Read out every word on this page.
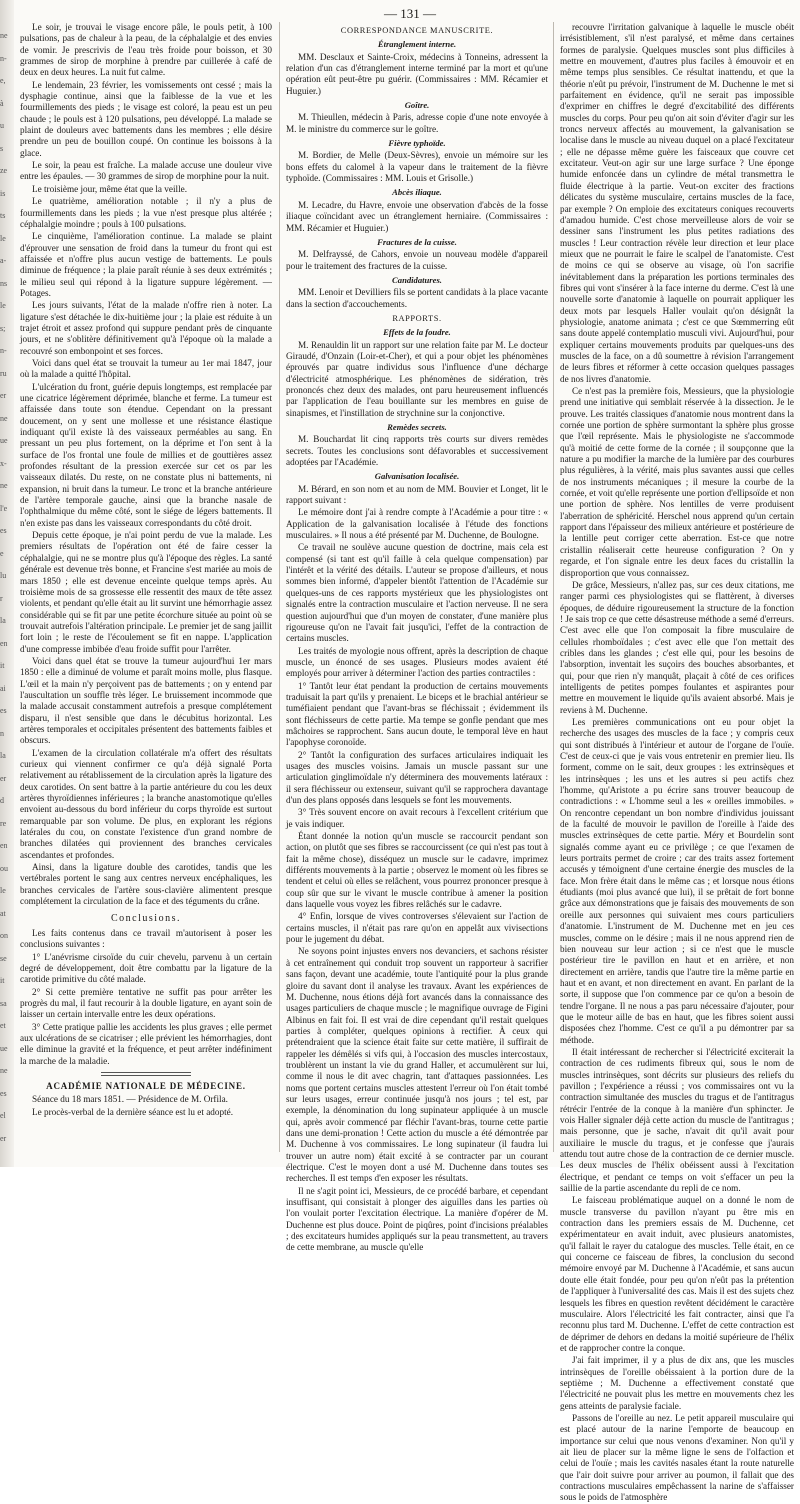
ne
n-
e,
à
u
s
ze
is
ts
le
a-
ns
le
s;
n-
ru
er
ne
ue
x-
ne
l'e
es
e
lu
r
la
en
it
ai
es
n
la
er
d
re
en
ou
le
at
on
se
it
sa
et
ue
ne
es
el
er
— 131 —

Le soir, je trouvai le visage encore pâle, le pouls petit, à 100 pulsations, pas de chaleur à la peau, de la céphalalgie et des envies de vomir. Je prescrivis de l'eau très froide pour boisson, et 30 grammes de sirop de morphine à prendre par cuillerée à café de deux en deux heures. La nuit fut calme.

Le lendemain, 23 février, les vomissements ont cessé ; mais la dysphagie continue, ainsi que la faiblesse de la vue et les fourmillements des pieds ; le visage est coloré, la peau est un peu chaude ; le pouls est à 120 pulsations, peu développé. La malade se plaint de douleurs avec battements dans les membres ; elle désire prendre un peu de bouillon coupé. On continue les boissons à la glace.

Le soir, la peau est fraîche. La malade accuse une douleur vive entre les épaules. — 30 grammes de sirop de morphine pour la nuit.

Le troisième jour, même état que la veille.

Le quatrième, amélioration notable ; il n'y a plus de fourmillements dans les pieds ; la vue n'est presque plus altérée ; céphalalgie moindre ; pouls à 100 pulsations.

Le cinquième, l'amélioration continue. La malade se plaint d'éprouver une sensation de froid dans la tumeur du front qui est affaissée et n'offre plus aucun vestige de battements. Le pouls diminue de fréquence ; la plaie paraît réunie à ses deux extrémités ; le milieu seul qui répond à la ligature suppure légèrement. — Potages.

Les jours suivants, l'état de la malade n'offre rien à noter. La ligature s'est détachée le dix-huitième jour ; la plaie est réduite à un trajet étroit et assez profond qui suppure pendant près de cinquante jours, et ne s'oblitère définitivement qu'à l'époque où la malade a recouvré son embonpoint et ses forces.

Voici dans quel état se trouvait la tumeur au 1er mai 1847, jour où la malade a quitté l'hôpital.

L'ulcération du front, guérie depuis longtemps, est remplacée par une cicatrice légèrement déprimée, blanche et ferme. La tumeur est affaissée dans toute son étendue. Cependant on la pressant doucement, on y sent une mollesse et une résistance élastique indiquant qu'il existe là des vaisseaux perméables au sang. En pressant un peu plus fortement, on la déprime et l'on sent à la surface de l'os frontal une foule de millies et de gouttières assez profondes résultant de la pression exercée sur cet os par les vaisseaux dilatés. Du reste, on ne constate plus ni battements, ni expansion, ni bruit dans la tumeur. Le tronc et la branche antérieure de l'artère temporale gauche, ainsi que la branche nasale de l'ophthalmique du même côté, sont le siége de légers battements. Il n'en existe pas dans les vaisseaux correspondants du côté droit.

Depuis cette époque, je n'ai point perdu de vue la malade. Les premiers résultats de l'opération ont été de faire cesser la céphalalgie, qui ne se montre plus qu'à l'époque des règles. La santé générale est devenue très bonne, et Francine s'est mariée au mois de mars 1850 ; elle est devenue enceinte quelque temps après. Au troisième mois de sa grossesse elle ressentit des maux de tête assez violents, et pendant qu'elle était au lit survint une hémorrhagie assez considérable qui se fit par une petite écorchure située au point où se trouvait autrefois l'altération principale. Le premier jet de sang jaillit fort loin ; le reste de l'écoulement se fit en nappe. L'application d'une compresse imbibée d'eau froide suffit pour l'arrêter.

Voici dans quel état se trouve la tumeur aujourd'hui 1er mars 1850 : elle a diminué de volume et paraît moins molle, plus flasque. L'œil et la main n'y perçoivent pas de battements ; on y entend par l'auscultation un souffle très léger. Le bruissement incommode que la malade accusait constamment autrefois a presque complétement disparu, il n'est sensible que dans le décubitus horizontal. Les artères temporales et occipitales présentent des battements faibles et obscurs.

L'examen de la circulation collatérale m'a offert des résultats curieux qui viennent confirmer ce qu'a déjà signalé Porta relativement au rétablissement de la circulation après la ligature des deux carotides. On sent battre à la partie antérieure du cou les deux artères thyroïdiennes inférieures ; la branche anastomotique qu'elles envoient au-dessous du bord inférieur du corps thyroïde est surtout remarquable par son volume. De plus, en explorant les régions latérales du cou, on constate l'existence d'un grand nombre de branches dilatées qui proviennent des branches cervicales ascendantes et profondes.

Ainsi, dans la ligature double des carotides, tandis que les vertébrales portent le sang aux centres nerveux encéphaliques, les branches cervicales de l'artère sous-clavière alimentent presque complétement la circulation de la face et des téguments du crâne.

Conclusions.

Les faits contenus dans ce travail m'autorisent à poser les conclusions suivantes :

1° L'anévrisme cirsoïde du cuir chevelu, parvenu à un certain degré de développement, doit être combattu par la ligature de la carotide primitive du côté malade.

2° Si cette première tentative ne suffit pas pour arrêter les progrès du mal, il faut recourir à la double ligature, en ayant soin de laisser un certain intervalle entre les deux opérations.

3° Cette pratique pallie les accidents les plus graves ; elle permet aux ulcérations de se cicatriser ; elle prévient les hémorrhagies, dont elle diminue la gravité et la fréquence, et peut arrêter indéfiniment la marche de la maladie.

ACADÉMIE NATIONALE DE MÉDECINE.

Séance du 18 mars 1851. — Présidence de M. Orfila.

Le procès-verbal de la dernière séance est lu et adopté.

CORRESPONDANCE MANUSCRITE.
Étranglement interne.

MM. Desclaux et Sainte-Croix, médecins à Tonneins, adressent la relation d'un cas d'étranglement interne terminé par la mort et qu'une opération eût peut-être pu guérir. (Commissaires : MM. Récamier et Huguier.)

Goître.

M. Thieullen, médecin à Paris, adresse copie d'une note envoyée à M. le ministre du commerce sur le goître.

Fièvre typhoïde.

M. Bordier, de Melle (Deux-Sèvres), envoie un mémoire sur les bons effets du calomel à la vapeur dans le traitement de la fièvre typhoïde. (Commissaires : MM. Louis et Grisolle.)

Abcès iliaque.

M. Lecadre, du Havre, envoie une observation d'abcès de la fosse iliaque coïncidant avec un étranglement herniaire. (Commissaires : MM. Récamier et Huguier.)

Fractures de la cuisse.

M. Delfrayssé, de Cahors, envoie un nouveau modèle d'appareil pour le traitement des fractures de la cuisse.

Candidatures.

MM. Lenoir et Devilliers fils se portent candidats à la place vacante dans la section d'accouchements.

RAPPORTS.
Effets de la foudre.

M. Renauldin lit un rapport sur une relation faite par M. Le docteur Giraudé, d'Onzain (Loir-et-Cher), et qui a pour objet les phénomènes éprouvés par quatre individus sous l'influence d'une décharge d'électricité atmosphérique. Les phénomènes de sidération, très prononcés chez deux des malades, ont paru heureusement influencés par l'application de l'eau bouillante sur les membres en guise de sinapismes, et l'instillation de strychnine sur la conjonctive.

Remèdes secrets.

M. Bouchardat lit cinq rapports très courts sur divers remèdes secrets. Toutes les conclusions sont défavorables et successivement adoptées par l'Académie.

Galvanisation localisée.

M. Bérard, en son nom et au nom de MM. Bouvier et Longet, lit le rapport suivant :

Le mémoire dont j'ai à rendre compte à l'Académie a pour titre : « Application de la galvanisation localisée à l'étude des fonctions musculaires. » Il nous a été présenté par M. Duchenne, de Boulogne.

Ce travail ne soulève aucune question de doctrine, mais cela est compensé (si tant est qu'il faille à cela quelque compensation) par l'intérêt et la vérité des détails. L'auteur se propose d'ailleurs, et nous sommes bien informé, d'appeler bientôt l'attention de l'Académie sur quelques-uns de ces rapports mystérieux que les physiologistes ont signalés entre la contraction musculaire et l'action nerveuse. Il ne sera question aujourd'hui que d'un moyen de constater, d'une manière plus rigoureuse qu'on ne l'avait fait jusqu'ici, l'effet de la contraction de certains muscles.

Les traités de myologie nous offrent, après la description de chaque muscle, un énoncé de ses usages. Plusieurs modes avaient été employés pour arriver à déterminer l'action des parties contractiles :

1° Tantôt leur état pendant la production de certains mouvements traduisait la part qu'ils y prenaient. Le biceps et le brachial antérieur se tuméfiaient pendant que l'avant-bras se fléchissait ; évidemment ils sont fléchisseurs de cette partie. Ma tempe se gonfle pendant que mes mâchoires se rapprochent. Sans aucun doute, le temporal lève en haut l'apophyse coronoïde.

2° Tantôt la configuration des surfaces articulaires indiquait les usages des muscles voisins. Jamais un muscle passant sur une articulation ginglimoïdale n'y déterminera des mouvements latéraux : il sera fléchisseur ou extenseur, suivant qu'il se rapprochera davantage d'un des plans opposés dans lesquels se font les mouvements.

3° Très souvent encore on avait recours à l'excellent critérium que je vais indiquer.

Étant donnée la notion qu'un muscle se raccourcit pendant son action, on plutôt que ses fibres se raccourcissent (ce qui n'est pas tout à fait la même chose), disséquez un muscle sur le cadavre, imprimez différents mouvements à la partie ; observez le moment où les fibres se tendent et celui où elles se relâchent, vous pourrez prononcer presque à coup sûr que sur le vivant le muscle contribue à amener la position dans laquelle vous voyez les fibres relâchés sur le cadavre.

4° Enfin, lorsque de vives controverses s'élevaient sur l'action de certains muscles, il n'était pas rare qu'on en appelât aux vivisections pour le jugement du débat.

Ne soyons point injustes envers nos devanciers, et sachons résister à cet entraînement qui conduit trop souvent un rapporteur à sacrifier sans façon, devant une académie, toute l'antiquité pour la plus grande gloire du savant dont il analyse les travaux. Avant les expériences de M. Duchenne, nous étions déjà fort avancés dans la connaissance des usages particuliers de chaque muscle ; le magnifique ouvrage de Figini Albinus en fait foi. Il est vrai de dire cependant qu'il restait quelques parties à compléter, quelques opinions à rectifier. À ceux qui prétendraient que la science était faite sur cette matière, il suffirait de rappeler les démêlés si vifs qui, à l'occasion des muscles intercostaux, troublèrent un instant la vie du grand Haller, et accumulèrent sur lui, comme il nous le dit avec chagrin, tant d'attaques passionnées. Les noms que portent certains muscles attestent l'erreur où l'on était tombé sur leurs usages, erreur continuée jusqu'à nos jours ; tel est, par exemple, la dénomination du long supinateur appliquée à un muscle qui, après avoir commencé par fléchir l'avant-bras, tourne cette partie dans une demi-pronation ! Cette action du muscle a été démontrée par M. Duchenne à vos commissaires. Le long supinateur (il faudra lui trouver un autre nom) était excité à se contracter par un courant électrique. C'est le moyen dont a usé M. Duchenne dans toutes ses recherches. Il est temps d'en exposer les résultats.

Il ne s'agit point ici, Messieurs, de ce procédé barbare, et cependant insuffisant, qui consistait à plonger des aiguilles dans les parties où l'on voulait porter l'excitation électrique. La manière d'opérer de M. Duchenne est plus douce. Point de piqûres, point d'incisions préalables ; des excitateurs humides appliqués sur la peau transmettent, au travers de cette membrane, au muscle qu'elle

recouvre l'irritation galvanique à laquelle le muscle obéit irrésistiblement, s'il n'est paralysé, et même dans certaines formes de paralysie. Quelques muscles sont plus difficiles à mettre en mouvement, d'autres plus faciles à émouvoir et en même temps plus sensibles. Ce résultat inattendu, et que la théorie n'eût pu prévoir, l'instrument de M. Duchenne le met si parfaitement en évidence, qu'il ne serait pas impossible d'exprimer en chiffres le degré d'excitabilité des différents muscles du corps. Pour peu qu'on ait soin d'éviter d'agir sur les troncs nerveux affectés au mouvement, la galvanisation se localise dans le muscle au niveau duquel on a placé l'excitateur ; elle ne dépasse même guère les faisceaux que couvre cet excitateur. Veut-on agir sur une large surface ? Une éponge humide enfoncée dans un cylindre de métal transmettra le fluide électrique à la partie. Veut-on exciter des fractions délicates du système musculaire, certains muscles de la face, par exemple ? On emploie des excitateurs coniques recouverts d'amadou humide. C'est chose merveilleuse alors de voir se dessiner sans l'instrument les plus petites radiations des muscles ! Leur contraction révèle leur direction et leur place mieux que ne pourrait le faire le scalpel de l'anatomiste. C'est de moins ce qui se observe au visage, où l'on sacrifie inévitablement dans la préparation les portions terminales des fibres qui vont s'insérer à la face interne du derme. C'est là une nouvelle sorte d'anatomie à laquelle on pourrait appliquer les deux mots par lesquels Haller voulait qu'on désignât la physiologie, anatome animata ; c'est ce que Sœmmerring eût sans doute appelé contemplatio musculi vivi. Aujourd'hui, pour expliquer certains mouvements produits par quelques-uns des muscles de la face, on a dû soumettre à révision l'arrangement de leurs fibres et réformer à cette occasion quelques passages de nos livres d'anatomie.

Ce n'est pas la première fois, Messieurs, que la physiologie prend une initiative qui semblait réservée à la dissection. Je le prouve. Les traités classiques d'anatomie nous montrent dans la cornée une portion de sphère surmontant la sphère plus grosse que l'œil représente. Mais le physiologiste ne s'accommode qu'à moitié de cette forme de la cornée ; il soupçonne que la nature a pu modifier la marche de la lumière par des courbures plus régulières, à la vérité, mais plus savantes aussi que celles de nos instruments mécaniques ; il mesure la courbe de la cornée, et voit qu'elle représente une portion d'ellipsoïde et non une portion de sphère. Nos lentilles de verre produisent l'aberration de sphéricité. Herschel nous apprend qu'un certain rapport dans l'épaisseur des milieux antérieure et postérieure de la lentille peut corriger cette aberration. Est-ce que notre cristallin réaliserait cette heureuse configuration ? On y regarde, et l'on signale entre les deux faces du cristallin la disproportion que vous connaissez.

De grâce, Messieurs, n'allez pas, sur ces deux citations, me ranger parmi ces physiologistes qui se flattèrent, à diverses époques, de déduire rigoureusement la structure de la fonction ! Je sais trop ce que cette désastreuse méthode a semé d'erreurs. C'est avec elle que l'on composait la fibre musculaire de cellules rhomboïdales ; c'est avec elle que l'on mettait des cribles dans les glandes ; c'est elle qui, pour les besoins de l'absorption, inventait les suçoirs des bouches absorbantes, et qui, pour que rien n'y manquât, plaçait à côté de ces orifices intelligents de petites pompes foulantes et aspirantes pour mettre en mouvement le liquide qu'ils avaient absorbé. Mais je reviens à M. Duchenne.

Les premières communications ont eu pour objet la recherche des usages des muscles de la face ; y compris ceux qui sont distribués à l'intérieur et autour de l'organe de l'ouïe. C'est de ceux-ci que je vais vous entretenir en premier lieu. Ils forment, comme on le sait, deux groupes : les extrinsèques et les intrinsèques ; les uns et les autres si peu actifs chez l'homme, qu'Aristote a pu écrire sans trouver beaucoup de contradictions : « L'homme seul a les « oreilles immobiles. » On rencontre cependant un bon nombre d'individus jouissant de la faculté de mouvoir le pavillon de l'oreille à l'aide des muscles extrinsèques de cette partie. Méry et Bourdelin sont signalés comme ayant eu ce privilège ; ce que l'examen de leurs portraits permet de croire ; car des traits assez fortement accusés y témoignent d'une certaine énergie des muscles de la face. Mon frère était dans le même cas ; et lorsque nous étions étudiants (moi plus avancé que lui), il se prêtait de fort bonne grâce aux démonstrations que je faisais des mouvements de son oreille aux personnes qui suivaient mes cours particuliers d'anatomie. L'instrument de M. Duchenne met en jeu ces muscles, comme on le désire ; mais il ne nous apprend rien de bien nouveau sur leur action ; si ce n'est que le muscle postérieur tire le pavillon en haut et en arrière, et non directement en arrière, tandis que l'autre tire la même partie en haut et en avant, et non directement en avant. En parlant de la sorte, il suppose que l'on commence par ce qu'on a besoin de tendre l'organe. Il ne nous a pas paru nécessaire d'ajouter, pour que le moteur aille de bas en haut, que les fibres soient aussi disposées chez l'homme. C'est ce qu'il a pu démontrer par sa méthode.

Il était intéressant de rechercher si l'électricité exciterait la contraction de ces rudiments fibreux qui, sous le nom de muscles intrinsèques, sont décrits sur plusieurs des reliefs du pavillon ; l'expérience a réussi ; vos commissaires ont vu la contraction simultanée des muscles du tragus et de l'antitragus rétrécir l'entrée de la conque à la manière d'un sphincter. Je vois Haller signaler déjà cette action du muscle de l'antitragus ; mais personne, que je sache, n'avait dit qu'il avait pour auxiliaire le muscle du tragus, et je confesse que j'aurais attendu tout autre chose de la contraction de ce dernier muscle. Les deux muscles de l'hélix obéissent aussi à l'excitation électrique, et pendant ce temps on voit s'effacer un peu la saillie de la partie ascendante du repli de ce nom.

Le faisceau problématique auquel on a donné le nom de muscle transverse du pavillon n'ayant pu être mis en contraction dans les premiers essais de M. Duchenne, cet expérimentateur en avait induit, avec plusieurs anatomistes, qu'il fallait le rayer du catalogue des muscles. Telle était, en ce qui concerne ce faisceau de fibres, la conclusion du second mémoire envoyé par M. Duchenne à l'Académie, et sans aucun doute elle était fondée, pour peu qu'on n'eût pas la prétention de l'appliquer à l'universalité des cas. Mais il est des sujets chez lesquels les fibres en question revêtent décidément le caractère musculaire. Alors l'électricité les fait contracter, ainsi que l'a reconnu plus tard M. Duchenne. L'effet de cette contraction est de déprimer de dehors en dedans la moitié supérieure de l'hélix et de rapprocher contre la conque.

J'ai fait imprimer, il y a plus de dix ans, que les muscles intrinsèques de l'oreille obéissaient à la portion dure de la septième ; M. Duchenne a effectivement constaté que l'électricité ne pouvait plus les mettre en mouvements chez les gens atteints de paralysie faciale.

Passons de l'oreille au nez. Le petit appareil musculaire qui est placé autour de la narine l'emporte de beaucoup en importance sur celui que nous venons d'examiner. Non qu'il y ait lieu de placer sur la même ligne le sens de l'olfaction et celui de l'ouïe ; mais les cavités nasales étant la route naturelle que l'air doit suivre pour arriver au poumon, il fallait que des contractions musculaires empêchassent la narine de s'affaisser sous le poids de l'atmosphère
